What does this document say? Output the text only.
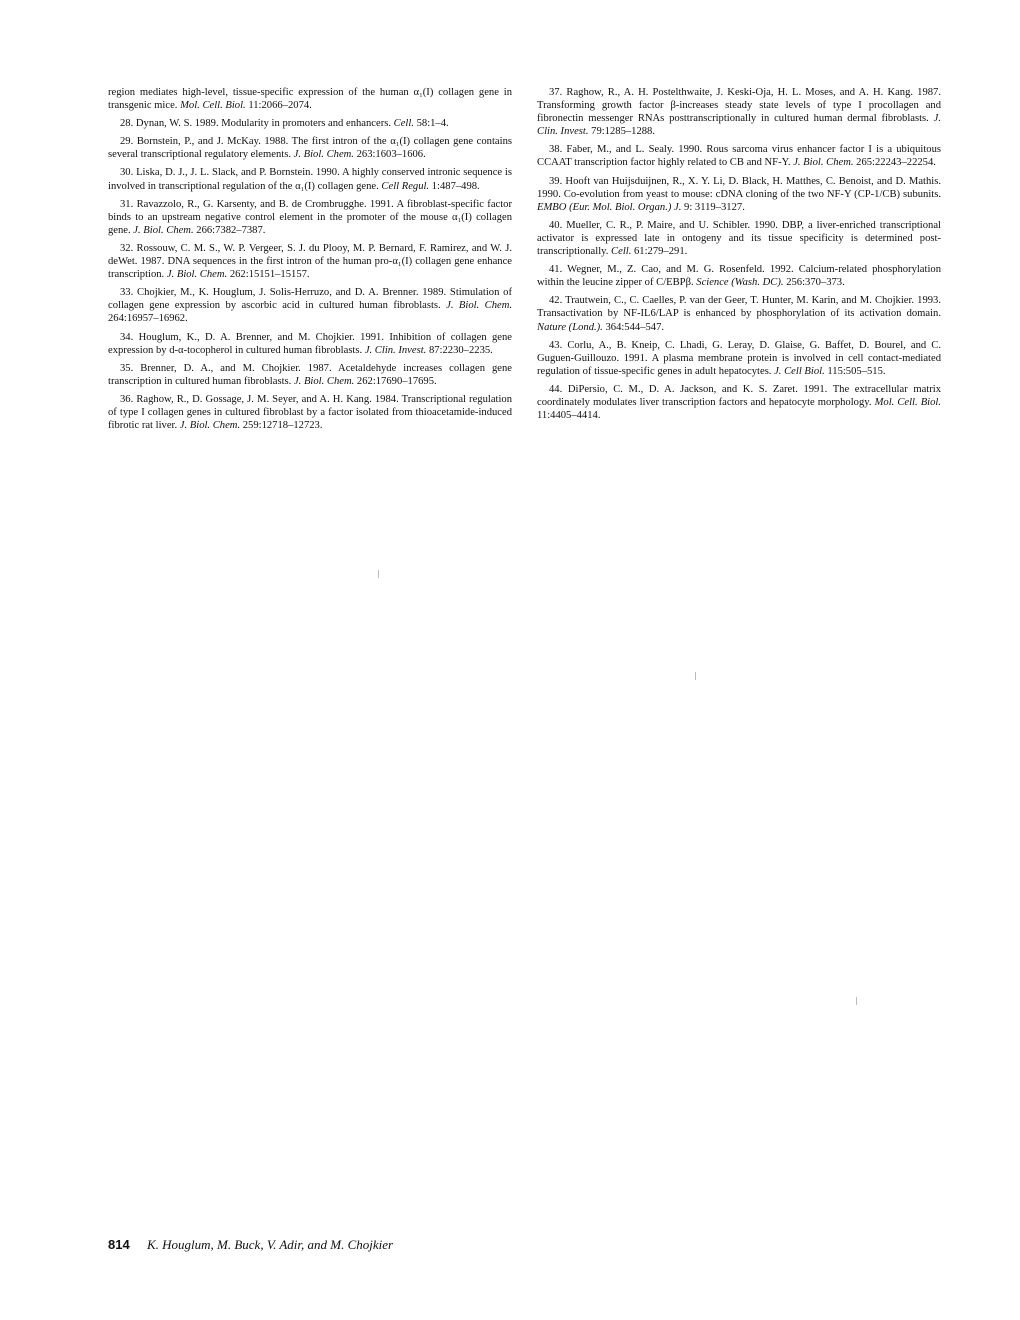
region mediates high-level, tissue-specific expression of the human α₁(I) collagen gene in transgenic mice. Mol. Cell. Biol. 11:2066–2074.

28. Dynan, W. S. 1989. Modularity in promoters and enhancers. Cell. 58:1–4.

29. Bornstein, P., and J. McKay. 1988. The first intron of the α₁(I) collagen gene contains several transcriptional regulatory elements. J. Biol. Chem. 263:1603–1606.

30. Liska, D. J., J. L. Slack, and P. Bornstein. 1990. A highly conserved intronic sequence is involved in transcriptional regulation of the α₁(I) collagen gene. Cell Regul. 1:487–498.

31. Ravazzolo, R., G. Karsenty, and B. de Crombrugghe. 1991. A fibroblast-specific factor binds to an upstream negative control element in the promoter of the mouse α₁(I) collagen gene. J. Biol. Chem. 266:7382–7387.

32. Rossouw, C. M. S., W. P. Vergeer, S. J. du Plooy, M. P. Bernard, F. Ramirez, and W. J. deWet. 1987. DNA sequences in the first intron of the human pro-α₁(I) collagen gene enhance transcription. J. Biol. Chem. 262:15151–15157.

33. Chojkier, M., K. Houglum, J. Solis-Herruzo, and D. A. Brenner. 1989. Stimulation of collagen gene expression by ascorbic acid in cultured human fibroblasts. J. Biol. Chem. 264:16957–16962.

34. Houglum, K., D. A. Brenner, and M. Chojkier. 1991. Inhibition of collagen gene expression by d-α-tocopherol in cultured human fibroblasts. J. Clin. Invest. 87:2230–2235.

35. Brenner, D. A., and M. Chojkier. 1987. Acetaldehyde increases collagen gene transcription in cultured human fibroblasts. J. Biol. Chem. 262:17690–17695.

36. Raghow, R., D. Gossage, J. M. Seyer, and A. H. Kang. 1984. Transcriptional regulation of type I collagen genes in cultured fibroblast by a factor isolated from thioacetamide-induced fibrotic rat liver. J. Biol. Chem. 259:12718–12723.

37. Raghow, R., A. H. Postelthwaite, J. Keski-Oja, H. L. Moses, and A. H. Kang. 1987. Transforming growth factor β-increases steady state levels of type I procollagen and fibronectin messenger RNAs posttranscriptionally in cultured human dermal fibroblasts. J. Clin. Invest. 79:1285–1288.

38. Faber, M., and L. Sealy. 1990. Rous sarcoma virus enhancer factor I is a ubiquitous CCAAT transcription factor highly related to CB and NF-Y. J. Biol. Chem. 265:22243–22254.

39. Hooft van Huijsduijnen, R., X. Y. Li, D. Black, H. Matthes, C. Benoist, and D. Mathis. 1990. Co-evolution from yeast to mouse: cDNA cloning of the two NF-Y (CP-1/CB) subunits. EMBO (Eur. Mol. Biol. Organ.) J. 9: 3119–3127.

40. Mueller, C. R., P. Maire, and U. Schibler. 1990. DBP, a liver-enriched transcriptional activator is expressed late in ontogeny and its tissue specificity is determined post-transcriptionally. Cell. 61:279–291.

41. Wegner, M., Z. Cao, and M. G. Rosenfeld. 1992. Calcium-related phosphorylation within the leucine zipper of C/EBPβ. Science (Wash. DC). 256:370–373.

42. Trautwein, C., C. Caelles, P. van der Geer, T. Hunter, M. Karin, and M. Chojkier. 1993. Transactivation by NF-IL6/LAP is enhanced by phosphorylation of its activation domain. Nature (Lond.). 364:544–547.

43. Corlu, A., B. Kneip, C. Lhadi, G. Leray, D. Glaise, G. Baffet, D. Bourel, and C. Guguen-Guillouzo. 1991. A plasma membrane protein is involved in cell contact-mediated regulation of tissue-specific genes in adult hepatocytes. J. Cell Biol. 115:505–515.

44. DiPersio, C. M., D. A. Jackson, and K. S. Zaret. 1991. The extracellular matrix coordinately modulates liver transcription factors and hepatocyte morphology. Mol. Cell. Biol. 11:4405–4414.

814 K. Houglum, M. Buck, V. Adir, and M. Chojkier
